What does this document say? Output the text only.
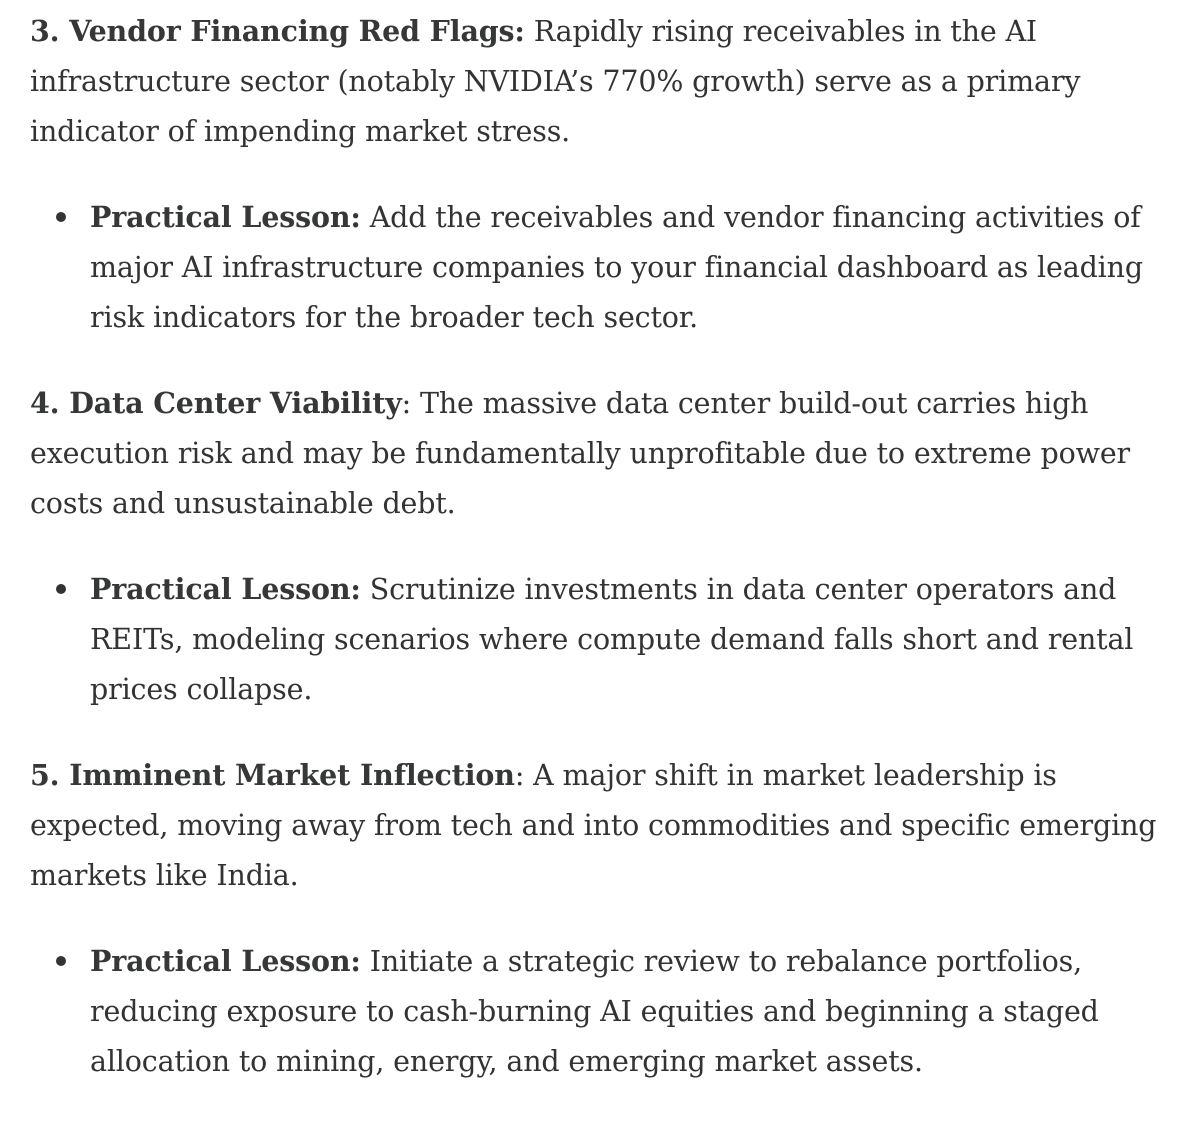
3. Vendor Financing Red Flags: Rapidly rising receivables in the AI infrastructure sector (notably NVIDIA’s 770% growth) serve as a primary indicator of impending market stress.

Practical Lesson: Add the receivables and vendor financing activities of major AI infrastructure companies to your financial dashboard as leading risk indicators for the broader tech sector.

4. Data Center Viability: The massive data center build-out carries high execution risk and may be fundamentally unprofitable due to extreme power costs and unsustainable debt.

Practical Lesson: Scrutinize investments in data center operators and REITs, modeling scenarios where compute demand falls short and rental prices collapse.

5. Imminent Market Inflection: A major shift in market leadership is expected, moving away from tech and into commodities and specific emerging markets like India.

Practical Lesson: Initiate a strategic review to rebalance portfolios, reducing exposure to cash-burning AI equities and beginning a staged allocation to mining, energy, and emerging market assets.
